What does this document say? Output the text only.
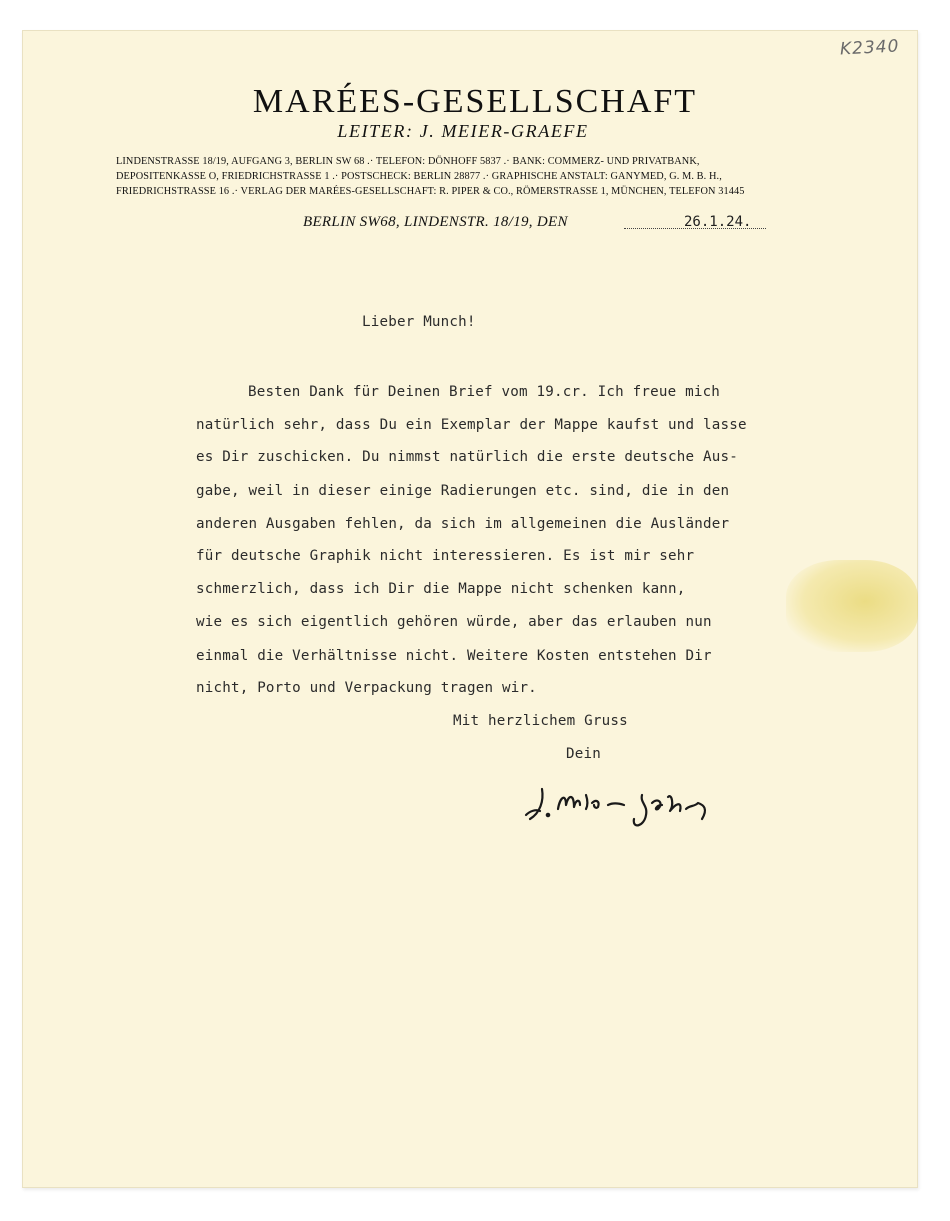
K2340
MARÉES-GESELLSCHAFT
LEITER: J. MEIER-GRAEFE
LINDENSTRASSE 18/19, AUFGANG 3, BERLIN SW 68 .· TELEFON: DÖNHOFF 5837 .· BANK: COMMERZ- UND PRIVATBANK,
DEPOSITENKASSE O, FRIEDRICHSTRASSE 1 .· POSTSCHECK: BERLIN 28877 .· GRAPHISCHE ANSTALT: GANYMED, G. M. B. H.,
FRIEDRICHSTRASSE 16 .· VERLAG DER MARÉES-GESELLSCHAFT: R. PIPER & CO., RÖMERSTRASSE 1, MÜNCHEN, TELEFON 31445
BERLIN SW68, LINDENSTR. 18/19, DEN	26.1.24.
Lieber Munch!
Besten Dank für Deinen Brief vom 19.cr. Ich freue mich
natürlich sehr, dass Du ein Exemplar der Mappe kaufst und lasse
es Dir zuschicken. Du nimmst natürlich die erste deutsche Aus-
gabe, weil in dieser einige Radierungen etc. sind, die in den
anderen Ausgaben fehlen, da sich im allgemeinen die Ausländer
für deutsche Graphik nicht interessieren. Es ist mir sehr
schmerzlich, dass ich Dir die Mappe nicht schenken kann,
wie es sich eigentlich gehören würde, aber das erlauben nun
einmal die Verhältnisse nicht. Weitere Kosten entstehen Dir
nicht, Porto und Verpackung tragen wir.
Mit herzlichem Gruss
Dein
